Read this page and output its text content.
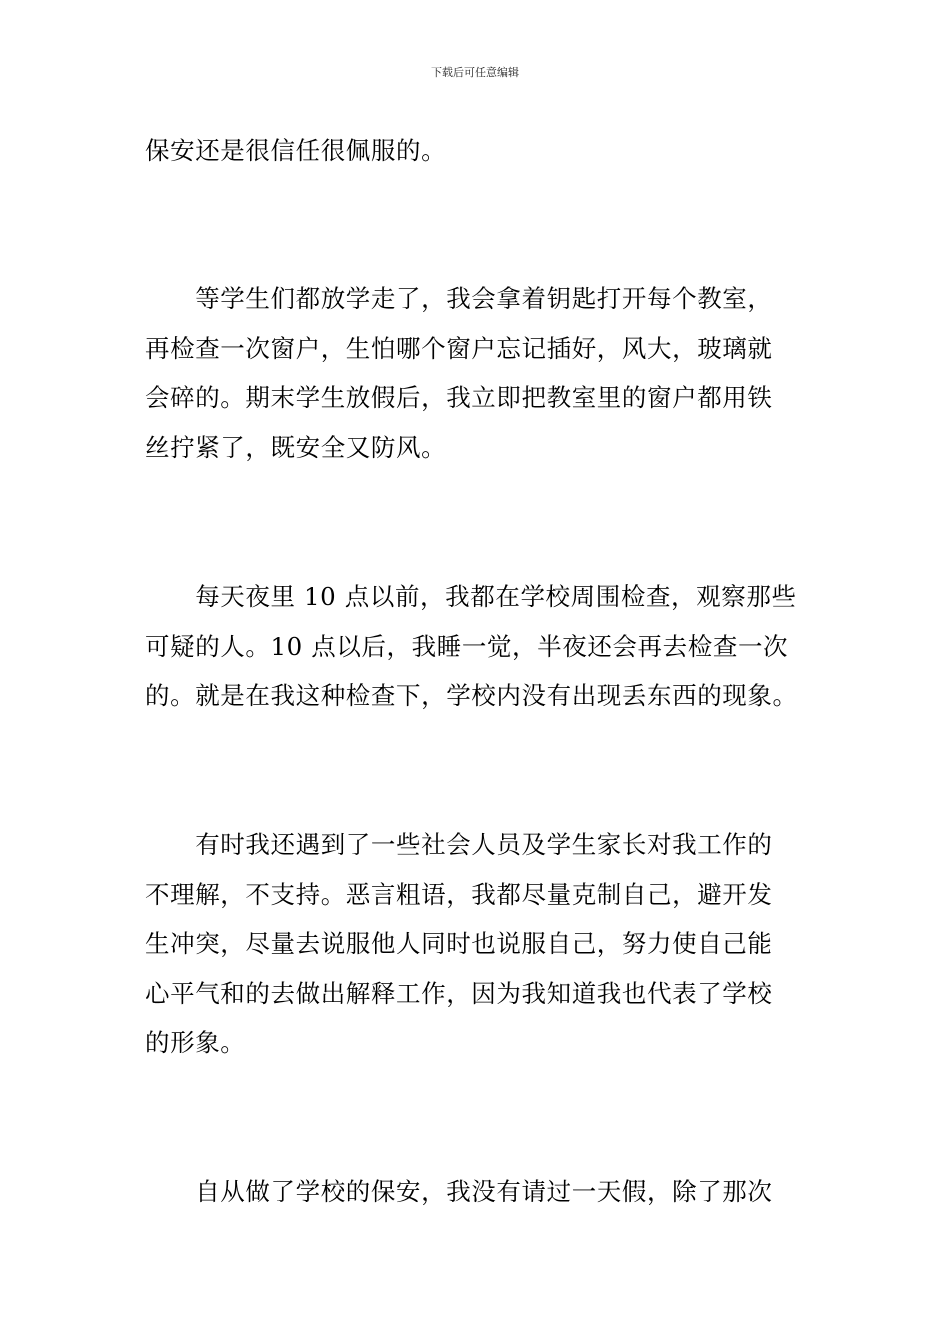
下载后可任意编辑
保安还是很信任很佩服的。
　　等学生们都放学走了，我会拿着钥匙打开每个教室，
再检查一次窗户，生怕哪个窗户忘记插好，风大，玻璃就
会碎的。期末学生放假后，我立即把教室里的窗户都用铁
丝拧紧了，既安全又防风。
　　每天夜里 10 点以前，我都在学校周围检查，观察那些
可疑的人。10 点以后，我睡一觉，半夜还会再去检查一次
的。就是在我这种检查下，学校内没有出现丢东西的现象。
　　有时我还遇到了一些社会人员及学生家长对我工作的
不理解，不支持。恶言粗语，我都尽量克制自己，避开发
生冲突，尽量去说服他人同时也说服自己，努力使自己能
心平气和的去做出解释工作，因为我知道我也代表了学校
的形象。
　　自从做了学校的保安，我没有请过一天假，除了那次
